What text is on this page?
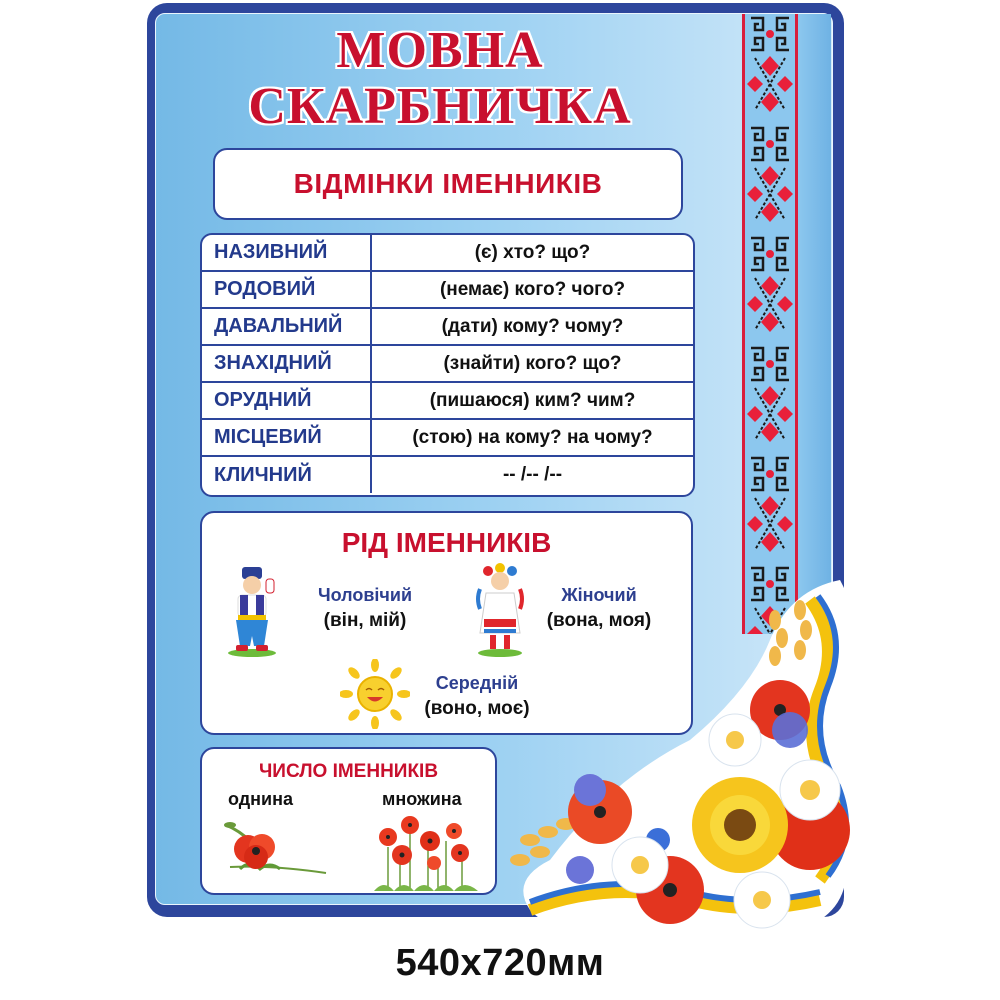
МОВНА
СКАРБНИЧКА
ВІДМІНКИ ІМЕННИКІВ
НАЗИВНИЙ	(є) хто? що?
РОДОВИЙ	(немає) кого? чого?
ДАВАЛЬНИЙ	(дати) кому? чому?
ЗНАХІДНИЙ	(знайти) кого? що?
ОРУДНИЙ	(пишаюся) ким? чим?
МІСЦЕВИЙ	(стою) на кому? на чому?
КЛИЧНИЙ	-- /-- /--
РІД ІМЕННИКІВ
Чоловічий
(він, мій)
Жіночий
(вона, моя)
Середній
(воно, моє)
ЧИСЛО ІМЕННИКІВ
однина	множина
540x720мм
